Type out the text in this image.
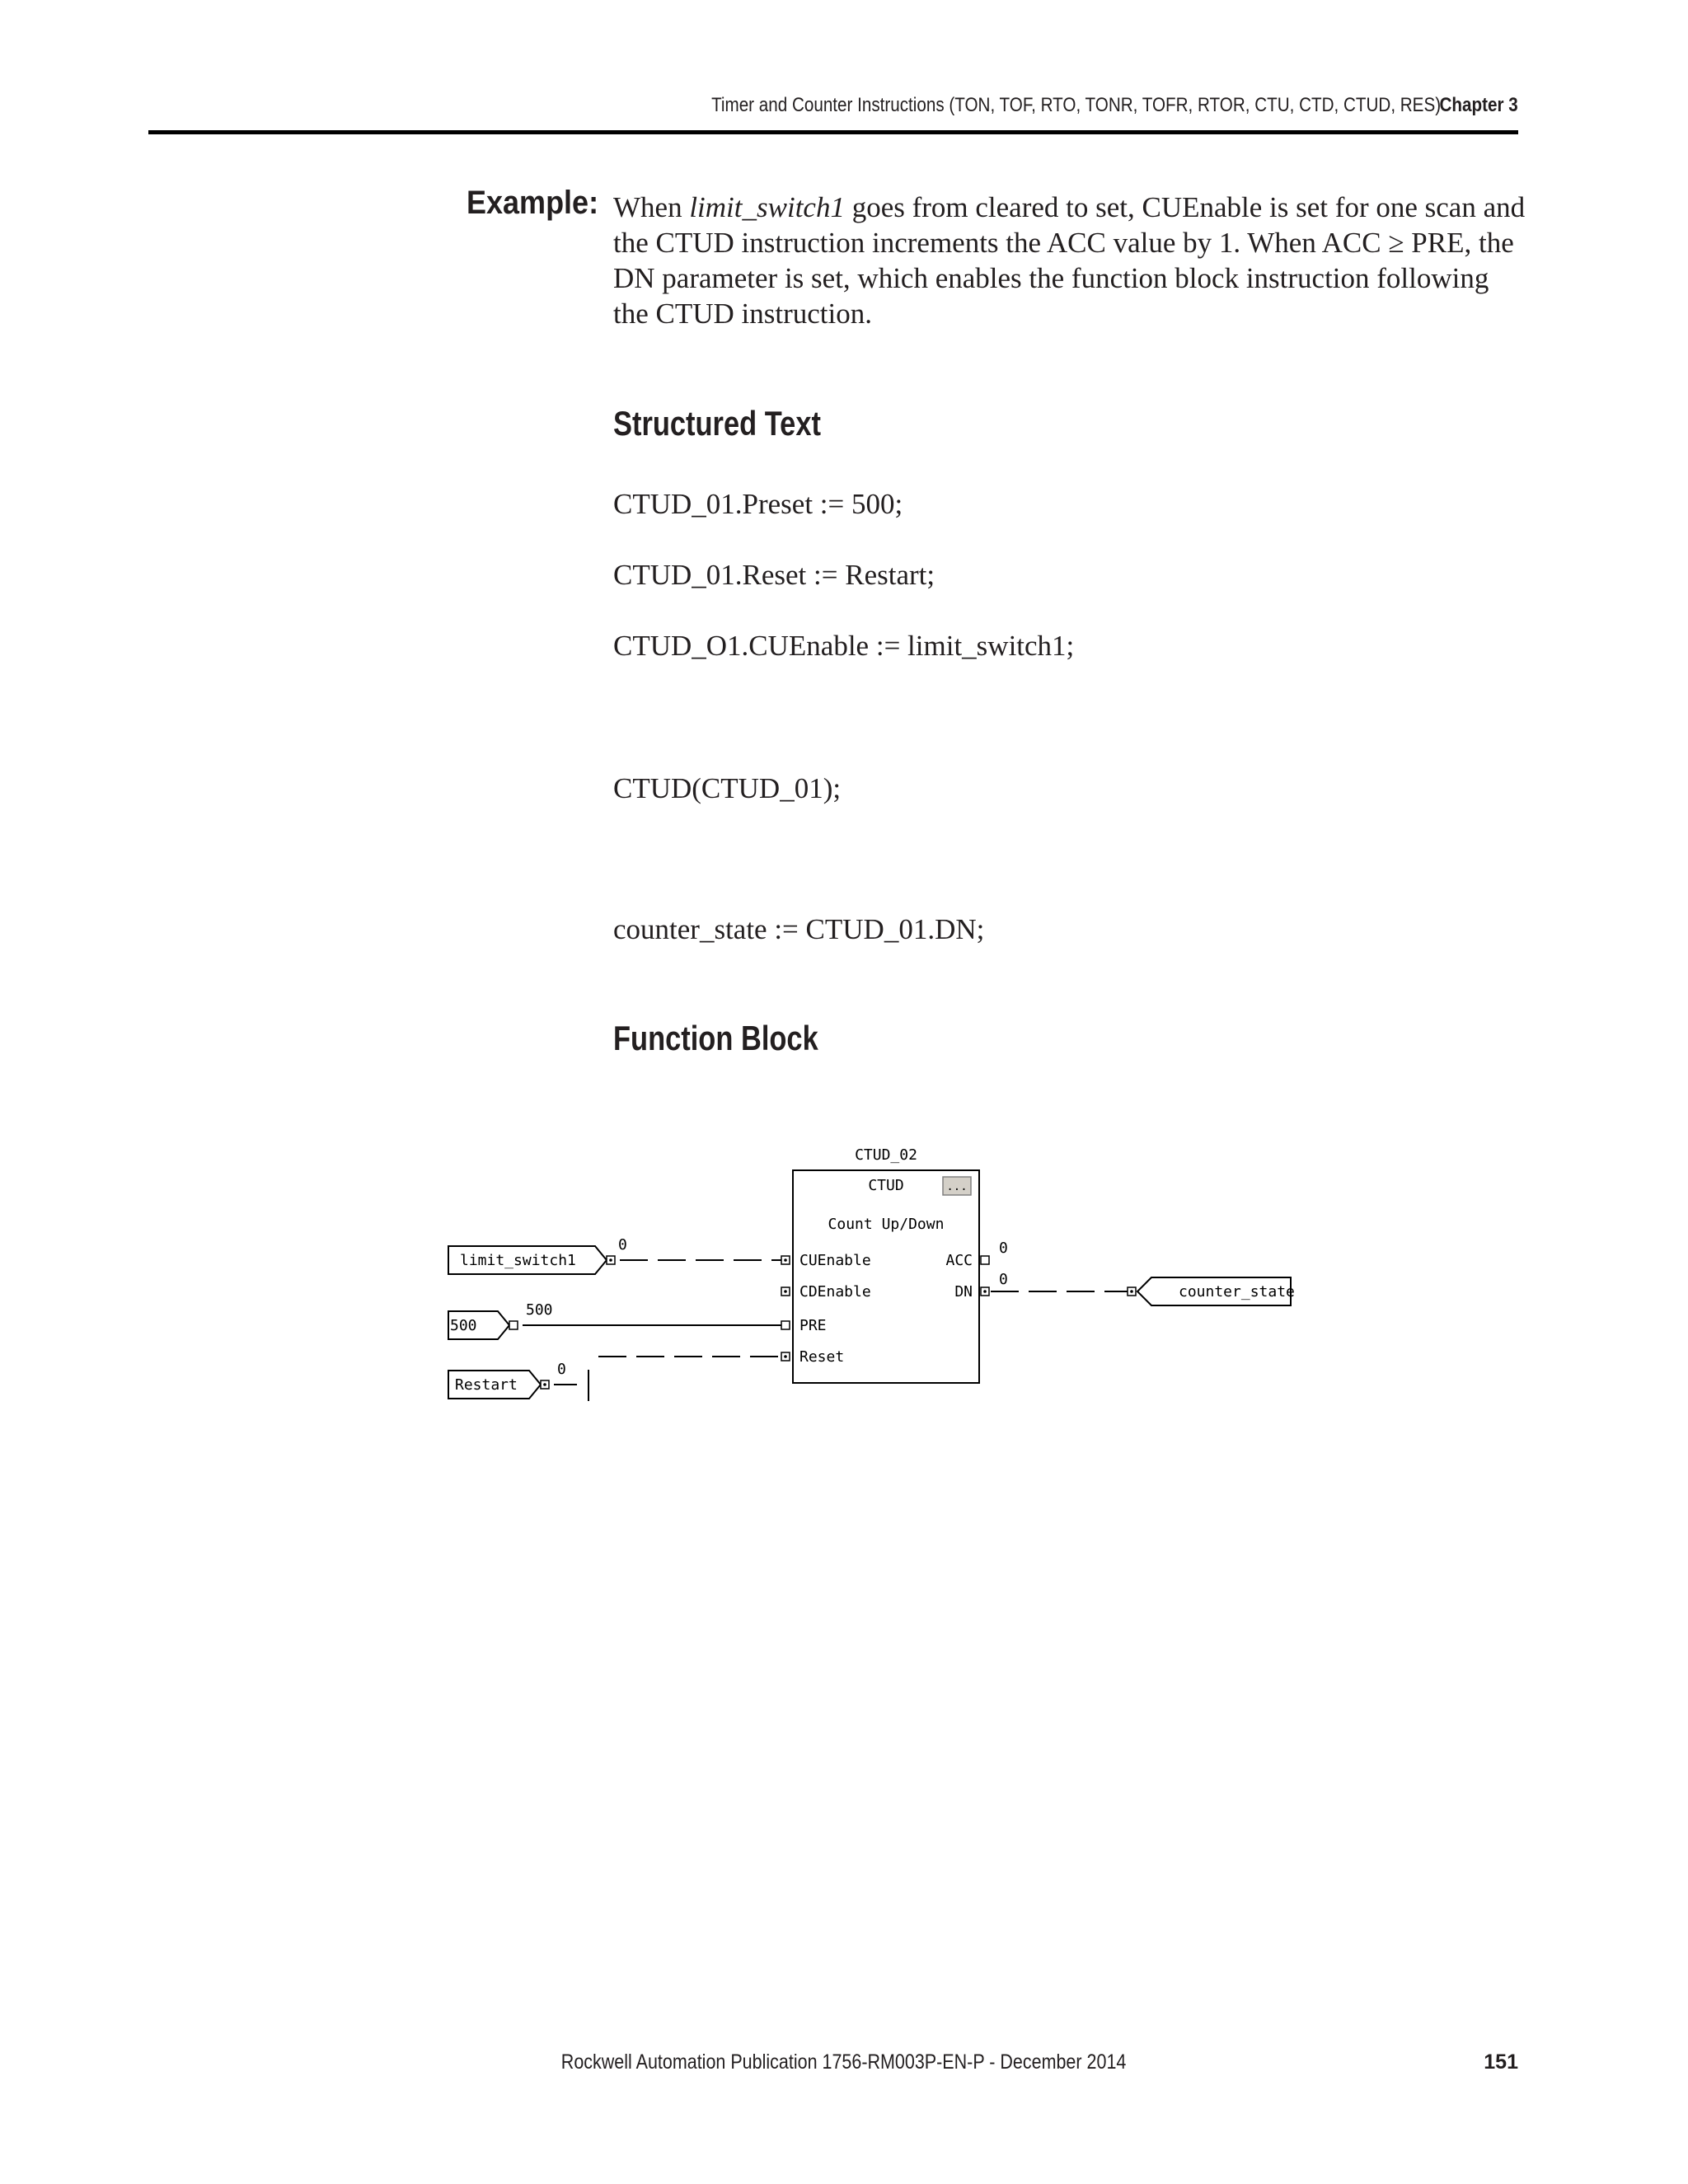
Timer and Counter Instructions (TON, TOF, RTO, TONR, TOFR, RTOR, CTU, CTD, CTUD, RES)
Chapter 3
Example: When limit_switch1 goes from cleared to set, CUEnable is set for one scan and the CTUD instruction increments the ACC value by 1. When ACC ≥ PRE, the DN parameter is set, which enables the function block instruction following the CTUD instruction.
Structured Text
CTUD_01.Preset := 500;
CTUD_01.Reset := Restart;
CTUD_O1.CUEnable := limit_switch1;
CTUD(CTUD_01);
counter_state := CTUD_01.DN;
Function Block
...
CTUD_02
CTUD
Count Up/Down
CUEnable
CDEnable
PRE
Reset
ACC
DN
0
0
limit_switch1
0
500
500
Restart
0
counter_state
Rockwell Automation Publication 1756-RM003P-EN-P - December 2014	151
